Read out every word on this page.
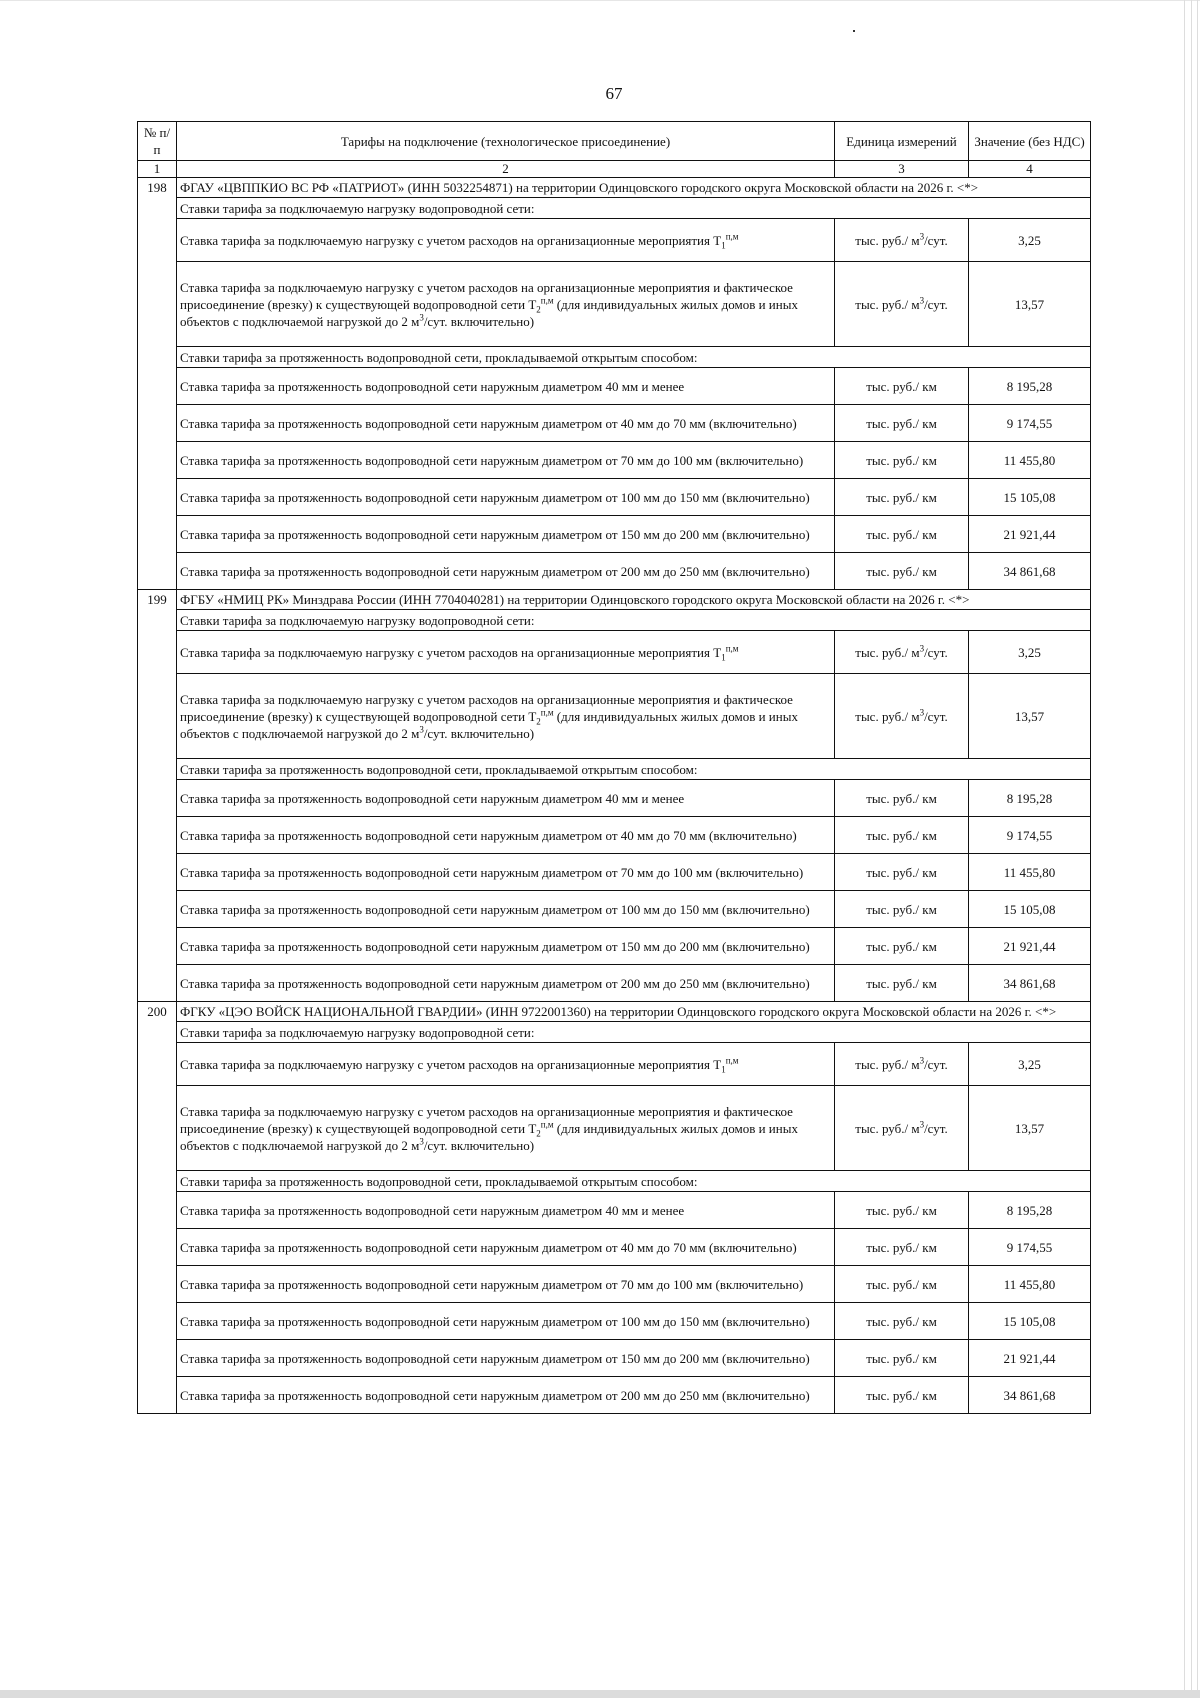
67
№ п/п	Тарифы на подключение (технологическое присоединение)	Единица измерений	Значение (без НДС)
1	2	3	4
198	ФГАУ «ЦВППКИО ВС РФ «ПАТРИОТ» (ИНН 5032254871) на территории Одинцовского городского округа Московской области на 2026 г. <*>		
	Ставки тарифа за подключаемую нагрузку водопроводной сети:		
	Ставка тарифа за подключаемую нагрузку с учетом расходов на организационные мероприятия $T_1^{п,м}$	тыс. руб./ $м^3$/сут.	3,25
	Ставка тарифа за подключаемую нагрузку с учетом расходов на организационные мероприятия и фактическое присоединение (врезку) к существующей водопроводной сети $T_2^{п,м}$ (для индивидуальных жилых домов и иных объектов с подключаемой нагрузкой до 2 $м^3$/сут. включительно)	тыс. руб./ $м^3$/сут.	13,57
	Ставки тарифа за протяженность водопроводной сети, прокладываемой открытым способом:		
	Ставка тарифа за протяженность водопроводной сети наружным диаметром 40 мм и менее	тыс. руб./ км	8 195,28
	Ставка тарифа за протяженность водопроводной сети наружным диаметром от 40 мм до 70 мм (включительно)	тыс. руб./ км	9 174,55
	Ставка тарифа за протяженность водопроводной сети наружным диаметром от 70 мм до 100 мм (включительно)	тыс. руб./ км	11 455,80
	Ставка тарифа за протяженность водопроводной сети наружным диаметром от 100 мм до 150 мм (включительно)	тыс. руб./ км	15 105,08
	Ставка тарифа за протяженность водопроводной сети наружным диаметром от 150 мм до 200 мм (включительно)	тыс. руб./ км	21 921,44
	Ставка тарифа за протяженность водопроводной сети наружным диаметром от 200 мм до 250 мм (включительно)	тыс. руб./ км	34 861,68
199	ФГБУ «НМИЦ РК» Минздрава России (ИНН 7704040281) на территории Одинцовского городского округа Московской области на 2026 г. <*>		
	Ставки тарифа за подключаемую нагрузку водопроводной сети:		
	Ставка тарифа за подключаемую нагрузку с учетом расходов на организационные мероприятия $T_1^{п,м}$	тыс. руб./ $м^3$/сут.	3,25
	Ставка тарифа за подключаемую нагрузку с учетом расходов на организационные мероприятия и фактическое присоединение (врезку) к существующей водопроводной сети $T_2^{п,м}$ (для индивидуальных жилых домов и иных объектов с подключаемой нагрузкой до 2 $м^3$/сут. включительно)	тыс. руб./ $м^3$/сут.	13,57
	Ставки тарифа за протяженность водопроводной сети, прокладываемой открытым способом:		
	Ставка тарифа за протяженность водопроводной сети наружным диаметром 40 мм и менее	тыс. руб./ км	8 195,28
	Ставка тарифа за протяженность водопроводной сети наружным диаметром от 40 мм до 70 мм (включительно)	тыс. руб./ км	9 174,55
	Ставка тарифа за протяженность водопроводной сети наружным диаметром от 70 мм до 100 мм (включительно)	тыс. руб./ км	11 455,80
	Ставка тарифа за протяженность водопроводной сети наружным диаметром от 100 мм до 150 мм (включительно)	тыс. руб./ км	15 105,08
	Ставка тарифа за протяженность водопроводной сети наружным диаметром от 150 мм до 200 мм (включительно)	тыс. руб./ км	21 921,44
	Ставка тарифа за протяженность водопроводной сети наружным диаметром от 200 мм до 250 мм (включительно)	тыс. руб./ км	34 861,68
200	ФГКУ «ЦЭО ВОЙСК НАЦИОНАЛЬНОЙ ГВАРДИИ» (ИНН 9722001360) на территории Одинцовского городского округа Московской области на 2026 г. <*>		
	Ставки тарифа за подключаемую нагрузку водопроводной сети:		
	Ставка тарифа за подключаемую нагрузку с учетом расходов на организационные мероприятия $T_1^{п,м}$	тыс. руб./ $м^3$/сут.	3,25
	Ставка тарифа за подключаемую нагрузку с учетом расходов на организационные мероприятия и фактическое присоединение (врезку) к существующей водопроводной сети $T_2^{п,м}$ (для индивидуальных жилых домов и иных объектов с подключаемой нагрузкой до 2 $м^3$/сут. включительно)	тыс. руб./ $м^3$/сут.	13,57
	Ставки тарифа за протяженность водопроводной сети, прокладываемой открытым способом:		
	Ставка тарифа за протяженность водопроводной сети наружным диаметром 40 мм и менее	тыс. руб./ км	8 195,28
	Ставка тарифа за протяженность водопроводной сети наружным диаметром от 40 мм до 70 мм (включительно)	тыс. руб./ км	9 174,55
	Ставка тарифа за протяженность водопроводной сети наружным диаметром от 70 мм до 100 мм (включительно)	тыс. руб./ км	11 455,80
	Ставка тарифа за протяженность водопроводной сети наружным диаметром от 100 мм до 150 мм (включительно)	тыс. руб./ км	15 105,08
	Ставка тарифа за протяженность водопроводной сети наружным диаметром от 150 мм до 200 мм (включительно)	тыс. руб./ км	21 921,44
	Ставка тарифа за протяженность водопроводной сети наружным диаметром от 200 мм до 250 мм (включительно)	тыс. руб./ км	34 861,68
